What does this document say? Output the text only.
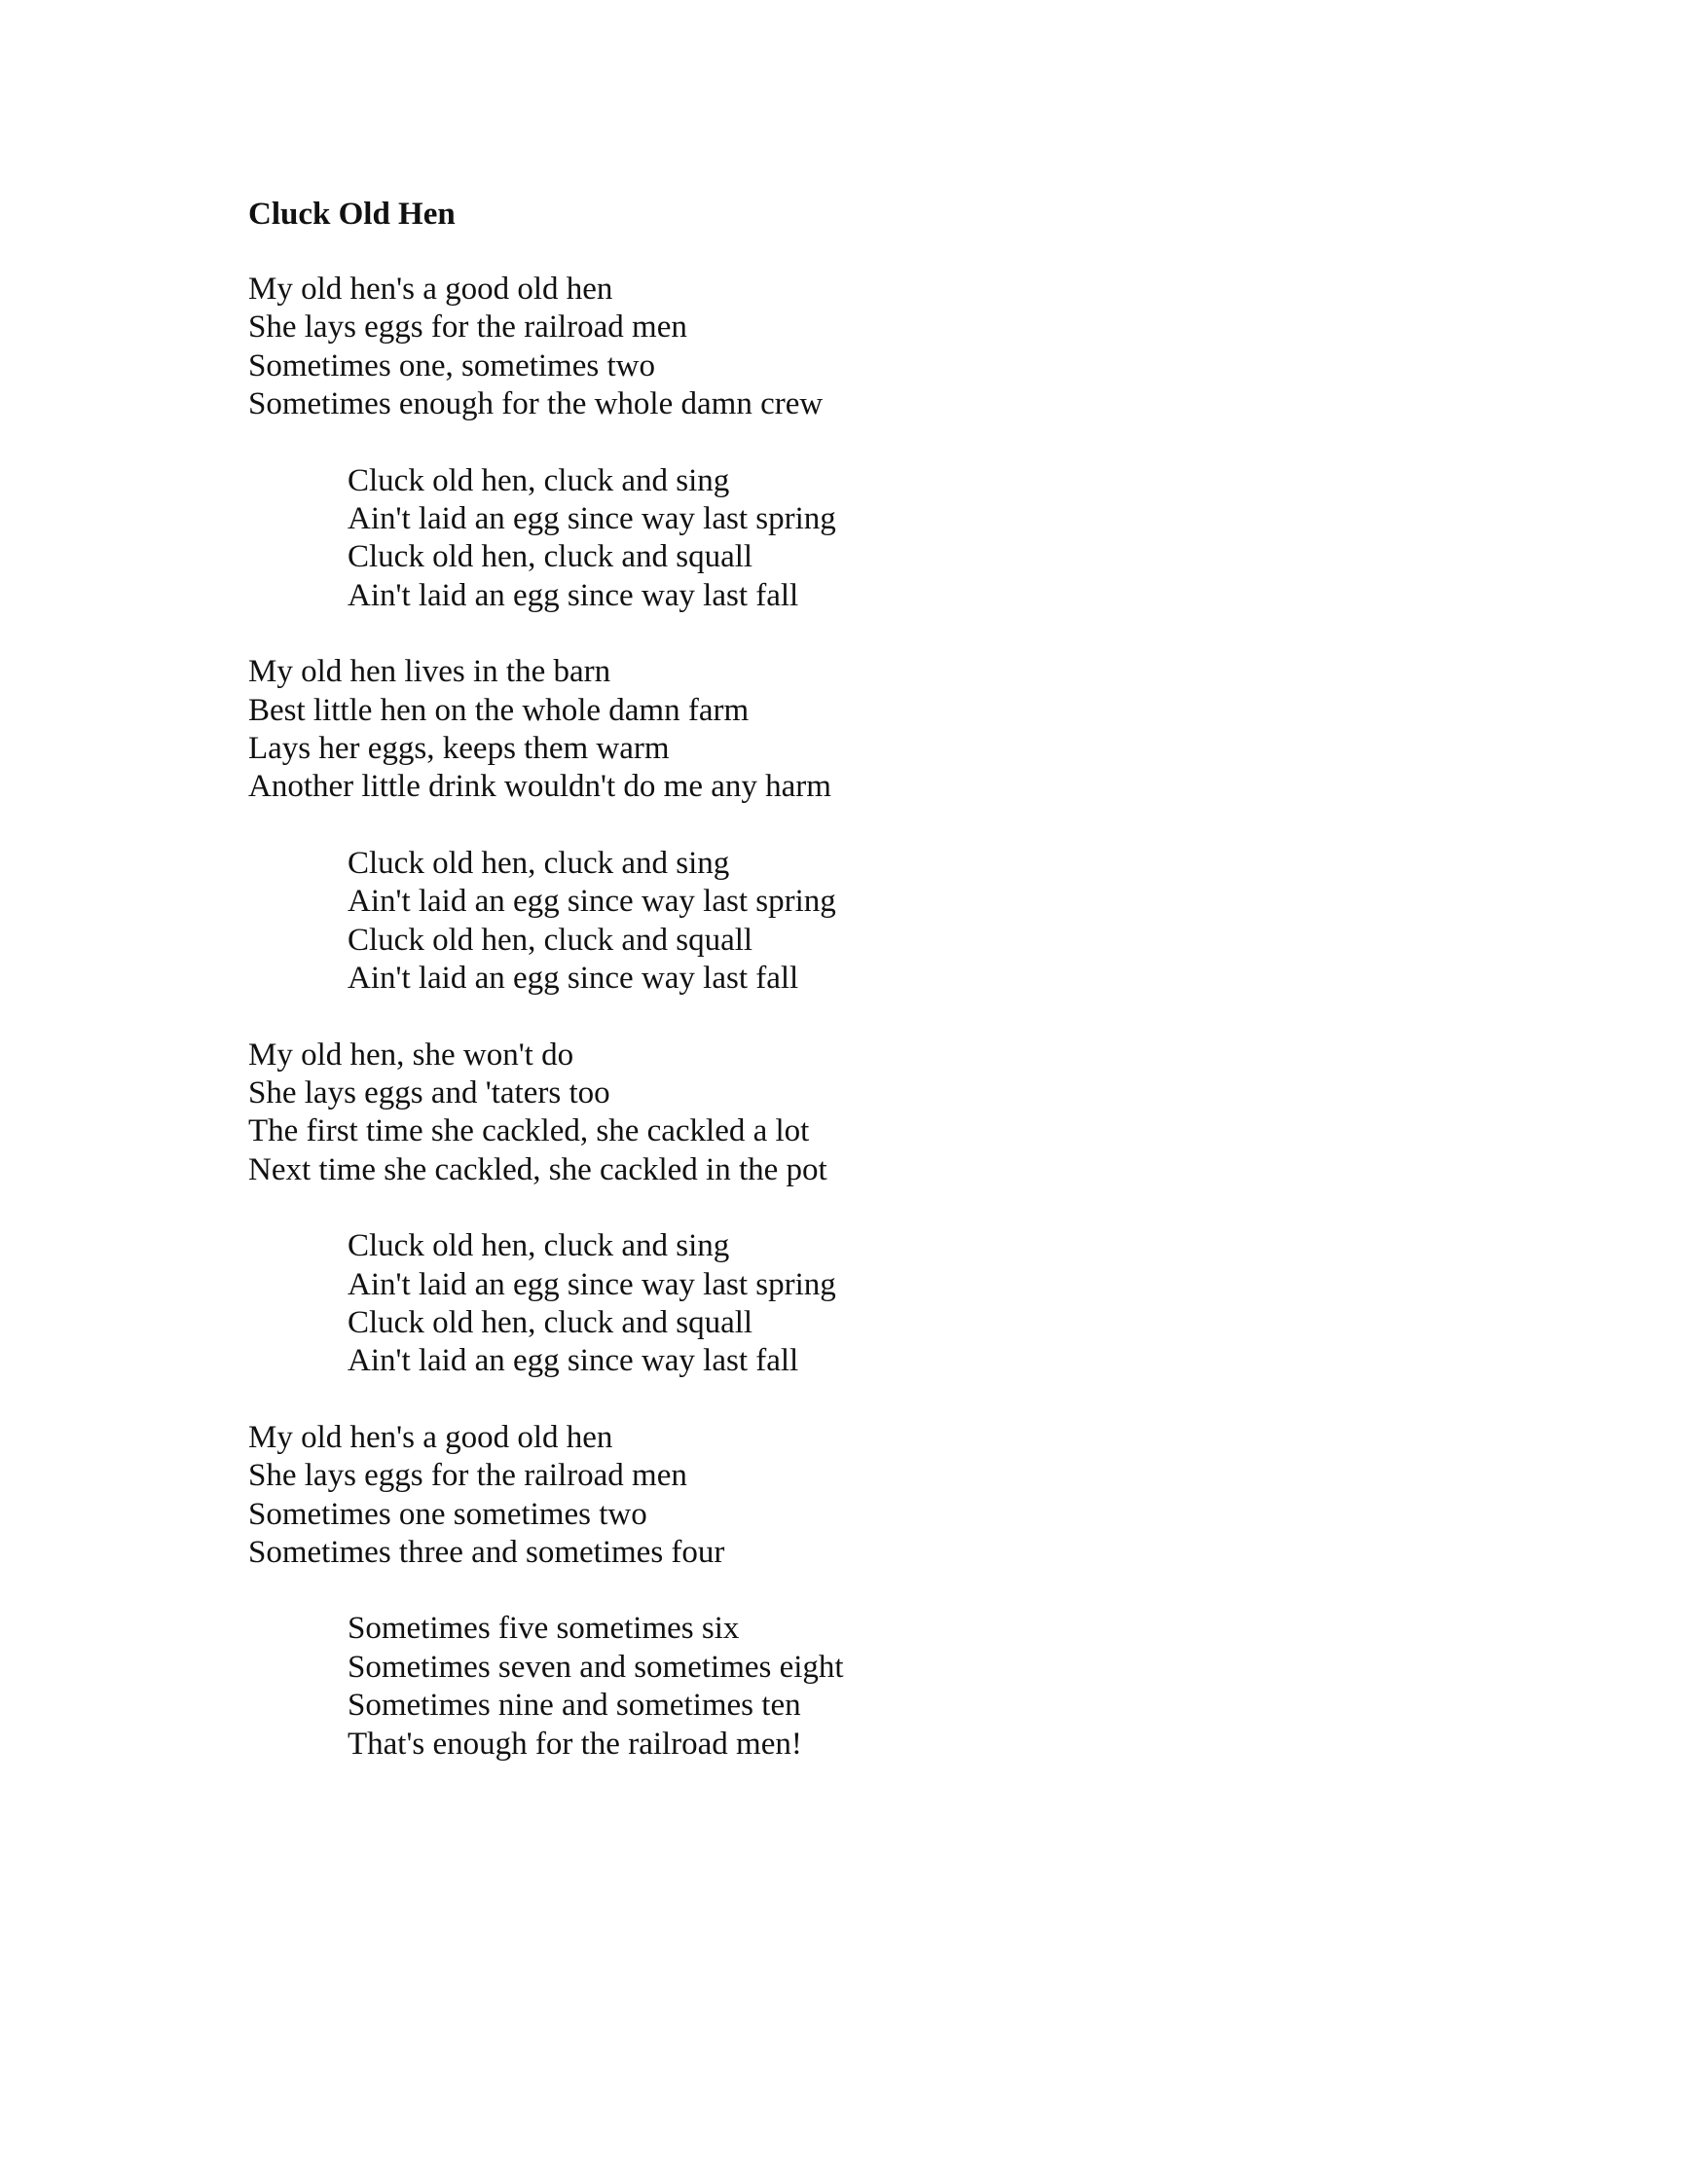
Cluck Old Hen
My old hen's a good old hen
She lays eggs for the railroad men
Sometimes one, sometimes two
Sometimes enough for the whole damn crew
Cluck old hen, cluck and sing
Ain't laid an egg since way last spring
Cluck old hen, cluck and squall
Ain't laid an egg since way last fall
My old hen lives in the barn
Best little hen on the whole damn farm
Lays her eggs, keeps them warm
Another little drink wouldn't do me any harm
Cluck old hen, cluck and sing
Ain't laid an egg since way last spring
Cluck old hen, cluck and squall
Ain't laid an egg since way last fall
My old hen, she won't do
She lays eggs and 'taters too
The first time she cackled, she cackled a lot
Next time she cackled, she cackled in the pot
Cluck old hen, cluck and sing
Ain't laid an egg since way last spring
Cluck old hen, cluck and squall
Ain't laid an egg since way last fall
My old hen's a good old hen
She lays eggs for the railroad men
Sometimes one sometimes two
Sometimes three and sometimes four
Sometimes five sometimes six
Sometimes seven and sometimes eight
Sometimes nine and sometimes ten
That's enough for the railroad men!
